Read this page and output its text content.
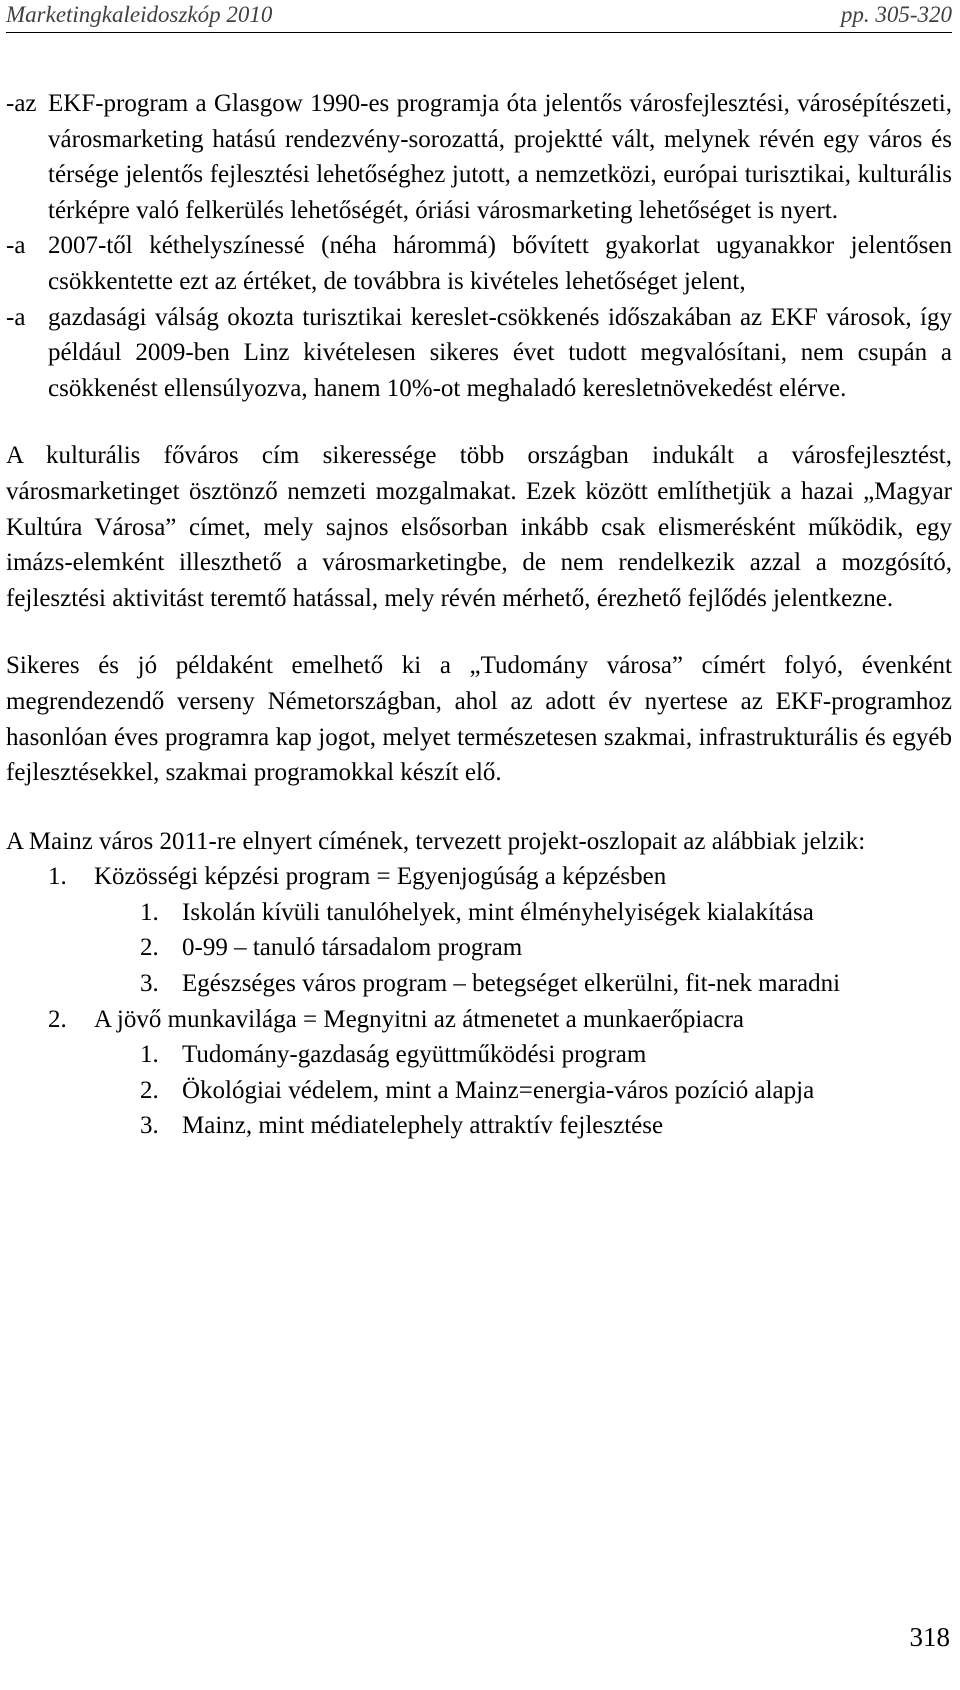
Marketingkaleidoszkóp 2010	pp. 305-320
-az EKF-program a Glasgow 1990-es programja óta jelentős városfejlesztési, városépítészeti, városmarketing hatású rendezvény-sorozattá, projektté vált, melynek révén egy város és térsége jelentős fejlesztési lehetőséghez jutott, a nemzetközi, európai turisztikai, kulturális térképre való felkerülés lehetőségét, óriási városmarketing lehetőséget is nyert.
-a 2007-től kéthelyszínessé (néha hárommá) bővített gyakorlat ugyanakkor jelentősen csökkentette ezt az értéket, de továbbra is kivételes lehetőséget jelent,
-a gazdasági válság okozta turisztikai kereslet-csökkenés időszakában az EKF városok, így például 2009-ben Linz kivételesen sikeres évet tudott megvalósítani, nem csupán a csökkenést ellensúlyozva, hanem 10%-ot meghaladó keresletnövekedést elérve.

A kulturális főváros cím sikeressége több országban indukált a városfejlesztést, városmarketinget ösztönző nemzeti mozgalmakat. Ezek között említhetjük a hazai „Magyar Kultúra Városa” címet, mely sajnos elsősorban inkább csak elismerésként működik, egy imázs-elemként illeszthető a városmarketingbe, de nem rendelkezik azzal a mozgósító, fejlesztési aktivitást teremtő hatással, mely révén mérhető, érezhető fejlődés jelentkezne.

Sikeres és jó példaként emelhető ki a „Tudomány városa” címért folyó, évenként megrendezendő verseny Németországban, ahol az adott év nyertese az EKF-programhoz hasonlóan éves programra kap jogot, melyet természetesen szakmai, infrastrukturális és egyéb fejlesztésekkel, szakmai programokkal készít elő.

A Mainz város 2011-re elnyert címének, tervezett projekt-oszlopait az alábbiak jelzik:

1. Közösségi képzési program = Egyenjogúság a képzésben
1. Iskolán kívüli tanulóhelyek, mint élményhelyiségek kialakítása
2. 0-99 – tanuló társadalom program
3. Egészséges város program – betegséget elkerülni, fit-nek maradni
2. A jövő munkavilága = Megnyitni az átmenetet a munkaerőpiacra
1. Tudomány-gazdaság együttműködési program
2. Ökológiai védelem, mint a Mainz=energia-város pozíció alapja
3. Mainz, mint médiatelephely attraktív fejlesztése
318
